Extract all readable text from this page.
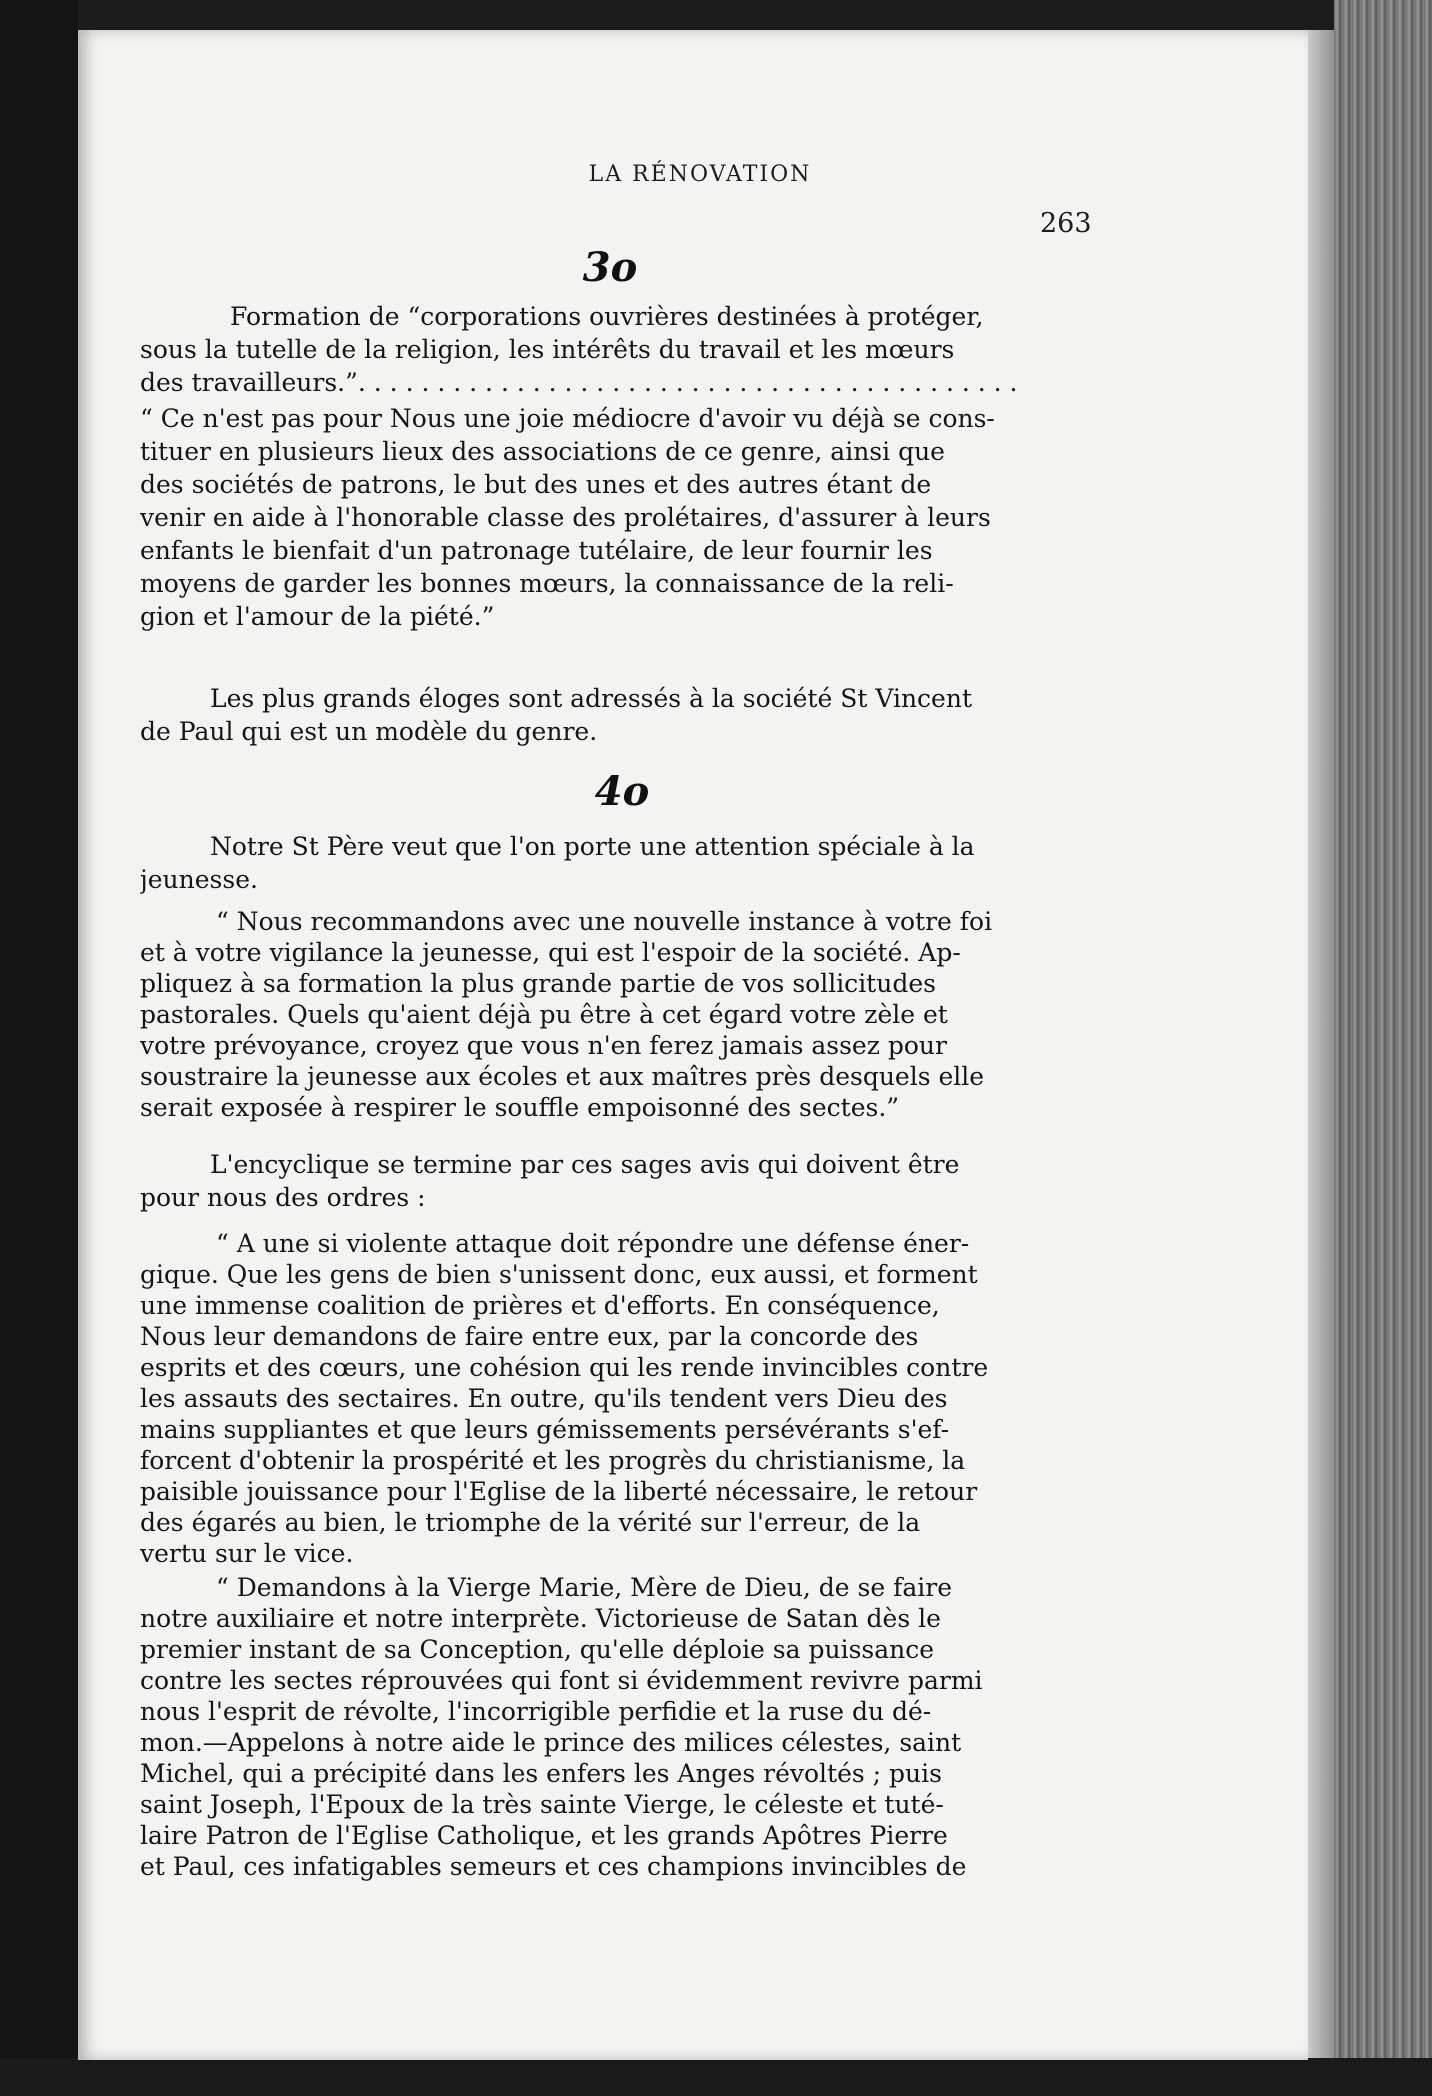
LA RÉNOVATION
263
3o
Formation de “corporations ouvrières destinées à protéger,
sous la tutelle de la religion, les intérêts du travail et les mœurs
des travailleurs.”. . . . . . . . . . . . . . . . . . . . . . . . . . . . . . . . . . . . . . . . . .
“ Ce n'est pas pour Nous une joie médiocre d'avoir vu déjà se cons-
tituer en plusieurs lieux des associations de ce genre, ainsi que
des sociétés de patrons, le but des unes et des autres étant de
venir en aide à l'honorable classe des prolétaires, d'assurer à leurs
enfants le bienfait d'un patronage tutélaire, de leur fournir les
moyens de garder les bonnes mœurs, la connaissance de la reli-
gion et l'amour de la piété.”
Les plus grands éloges sont adressés à la société St Vincent
de Paul qui est un modèle du genre.
4o
Notre St Père veut que l'on porte une attention spéciale à la
jeunesse.
“ Nous recommandons avec une nouvelle instance à votre foi
et à votre vigilance la jeunesse, qui est l'espoir de la société. Ap-
pliquez à sa formation la plus grande partie de vos sollicitudes
pastorales. Quels qu'aient déjà pu être à cet égard votre zèle et
votre prévoyance, croyez que vous n'en ferez jamais assez pour
soustraire la jeunesse aux écoles et aux maîtres près desquels elle
serait exposée à respirer le souffle empoisonné des sectes.”
L'encyclique se termine par ces sages avis qui doivent être
pour nous des ordres :
“ A une si violente attaque doit répondre une défense éner-
gique. Que les gens de bien s'unissent donc, eux aussi, et forment
une immense coalition de prières et d'efforts. En conséquence,
Nous leur demandons de faire entre eux, par la concorde des
esprits et des cœurs, une cohésion qui les rende invincibles contre
les assauts des sectaires. En outre, qu'ils tendent vers Dieu des
mains suppliantes et que leurs gémissements persévérants s'ef-
forcent d'obtenir la prospérité et les progrès du christianisme, la
paisible jouissance pour l'Eglise de la liberté nécessaire, le retour
des égarés au bien, le triomphe de la vérité sur l'erreur, de la
vertu sur le vice.
“ Demandons à la Vierge Marie, Mère de Dieu, de se faire
notre auxiliaire et notre interprète. Victorieuse de Satan dès le
premier instant de sa Conception, qu'elle déploie sa puissance
contre les sectes réprouvées qui font si évidemment revivre parmi
nous l'esprit de révolte, l'incorrigible perfidie et la ruse du dé-
mon.—Appelons à notre aide le prince des milices célestes, saint
Michel, qui a précipité dans les enfers les Anges révoltés ; puis
saint Joseph, l'Epoux de la très sainte Vierge, le céleste et tuté-
laire Patron de l'Eglise Catholique, et les grands Apôtres Pierre
et Paul, ces infatigables semeurs et ces champions invincibles de
